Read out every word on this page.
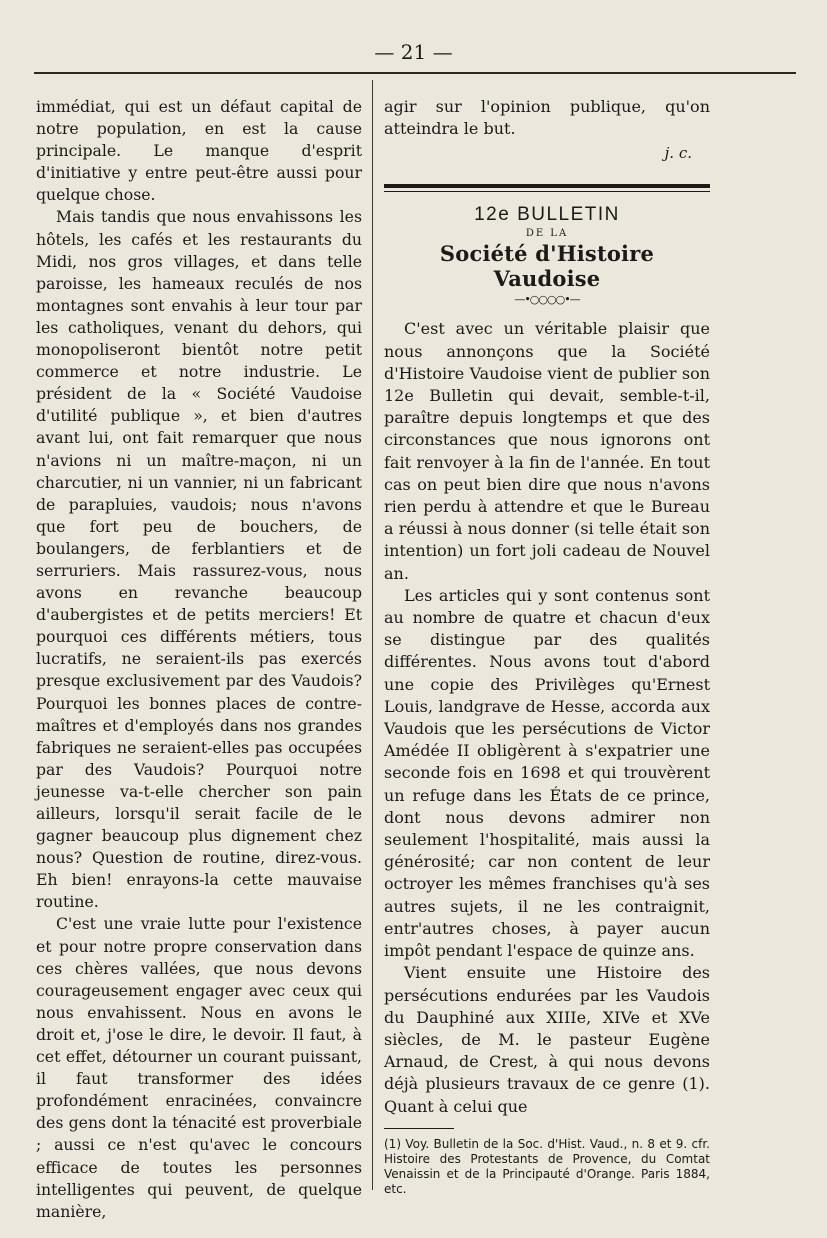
— 21 —

immédiat, qui est un défaut capital de notre population, en est la cause principale. Le manque d'esprit d'initiative y entre peut-être aussi pour quelque chose.

Mais tandis que nous envahissons les hôtels, les cafés et les restaurants du Midi, nos gros villages, et dans telle paroisse, les hameaux reculés de nos montagnes sont envahis à leur tour par les catholiques, venant du dehors, qui monopoliseront bientôt notre petit commerce et notre industrie. Le président de la « Société Vaudoise d'utilité publique », et bien d'autres avant lui, ont fait remarquer que nous n'avions ni un maître-maçon, ni un charcutier, ni un vannier, ni un fabricant de parapluies, vaudois; nous n'avons que fort peu de bouchers, de boulangers, de ferblantiers et de serruriers. Mais rassurez-vous, nous avons en revanche beaucoup d'aubergistes et de petits merciers! Et pourquoi ces différents métiers, tous lucratifs, ne seraient-ils pas exercés presque exclusivement par des Vaudois? Pourquoi les bonnes places de contre-maîtres et d'employés dans nos grandes fabriques ne seraient-elles pas occupées par des Vaudois? Pourquoi notre jeunesse va-t-elle chercher son pain ailleurs, lorsqu'il serait facile de le gagner beaucoup plus dignement chez nous? Question de routine, direz-vous. Eh bien! enrayons-la cette mauvaise routine.

C'est une vraie lutte pour l'existence et pour notre propre conservation dans ces chères vallées, que nous devons courageusement engager avec ceux qui nous envahissent. Nous en avons le droit et, j'ose le dire, le devoir. Il faut, à cet effet, détourner un courant puissant, il faut transformer des idées profondément enracinées, convaincre des gens dont la ténacité est proverbiale ; aussi ce n'est qu'avec le concours efficace de toutes les personnes intelligentes qui peuvent, de quelque manière,

agir sur l'opinion publique, qu'on atteindra le but.

j. c.
12e BULLETIN
DE LA
Société d'Histoire Vaudoise
—•○○○○•—

C'est avec un véritable plaisir que nous annonçons que la Société d'Histoire Vaudoise vient de publier son 12e Bulletin qui devait, semble-t-il, paraître depuis longtemps et que des circonstances que nous ignorons ont fait renvoyer à la fin de l'année. En tout cas on peut bien dire que nous n'avons rien perdu à attendre et que le Bureau a réussi à nous donner (si telle était son intention) un fort joli cadeau de Nouvel an.

Les articles qui y sont contenus sont au nombre de quatre et chacun d'eux se distingue par des qualités différentes. Nous avons tout d'abord une copie des Privilèges qu'Ernest Louis, landgrave de Hesse, accorda aux Vaudois que les persécutions de Victor Amédée II obligèrent à s'expatrier une seconde fois en 1698 et qui trouvèrent un refuge dans les États de ce prince, dont nous devons admirer non seulement l'hospitalité, mais aussi la générosité; car non content de leur octroyer les mêmes franchises qu'à ses autres sujets, il ne les contraignit, entr'autres choses, à payer aucun impôt pendant l'espace de quinze ans.

Vient ensuite une Histoire des persécutions endurées par les Vaudois du Dauphiné aux XIIIe, XIVe et XVe siècles, de M. le pasteur Eugène Arnaud, de Crest, à qui nous devons déjà plusieurs travaux de ce genre (1). Quant à celui que

(1) Voy. Bulletin de la Soc. d'Hist. Vaud., n. 8 et 9. cfr. Histoire des Protestants de Provence, du Comtat Venaissin et de la Principauté d'Orange. Paris 1884, etc.
